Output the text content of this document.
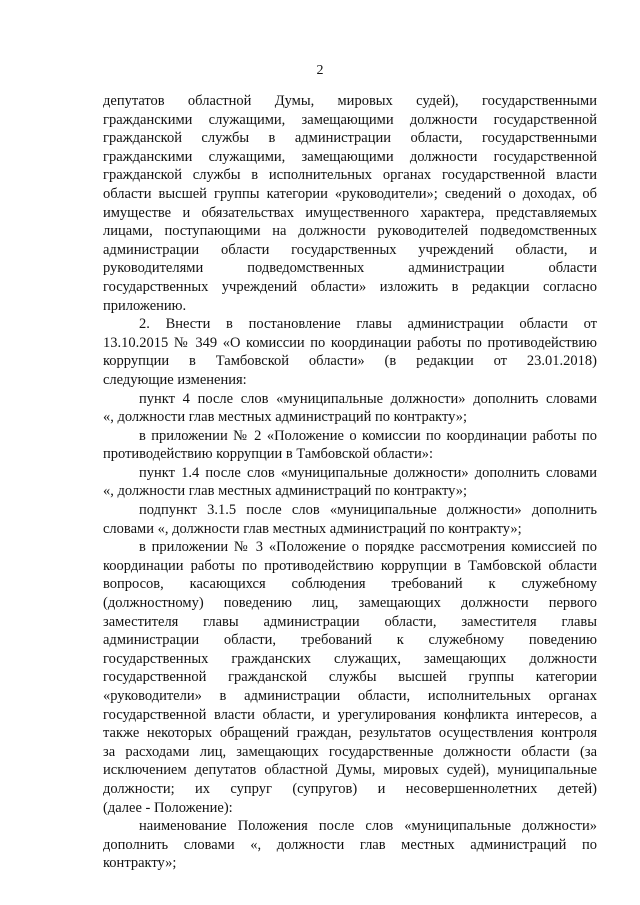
2
депутатов областной Думы, мировых судей), государственными
гражданскими служащими, замещающими должности государственной
гражданской службы в администрации области, государственными
гражданскими служащими, замещающими должности государственной
гражданской службы в исполнительных органах государственной власти
области высшей группы категории «руководители»; сведений о доходах, об
имуществе и обязательствах имущественного характера, представляемых
лицами, поступающими на должности руководителей подведомственных
администрации области государственных учреждений области, и
руководителями подведомственных администрации области
государственных учреждений области» изложить в редакции согласно
приложению.
2. Внести в постановление главы администрации области от
13.10.2015 № 349 «О комиссии по координации работы по противодействию
коррупции в Тамбовской области» (в редакции от 23.01.2018)
следующие изменения:
пункт 4 после слов «муниципальные должности» дополнить словами
«, должности глав местных администраций по контракту»;
в приложении № 2 «Положение о комиссии по координации работы по
противодействию коррупции в Тамбовской области»:
пункт 1.4 после слов «муниципальные должности» дополнить словами
«, должности глав местных администраций по контракту»;
подпункт 3.1.5 после слов «муниципальные должности» дополнить
словами «, должности глав местных администраций по контракту»;
в приложении № 3 «Положение о порядке рассмотрения комиссией по
координации работы по противодействию коррупции в Тамбовской области
вопросов, касающихся соблюдения требований к служебному
(должностному) поведению лиц, замещающих должности первого
заместителя главы администрации области, заместителя главы
администрации области, требований к служебному поведению
государственных гражданских служащих, замещающих должности
государственной гражданской службы высшей группы категории
«руководители» в администрации области, исполнительных органах
государственной власти области, и урегулирования конфликта интересов, а
также некоторых обращений граждан, результатов осуществления контроля
за расходами лиц, замещающих государственные должности области (за
исключением депутатов областной Думы, мировых судей), муниципальные
должности; их супруг (супругов) и несовершеннолетних детей)
(далее - Положение):
наименование Положения после слов «муниципальные должности»
дополнить словами «, должности глав местных администраций по
контракту»;
